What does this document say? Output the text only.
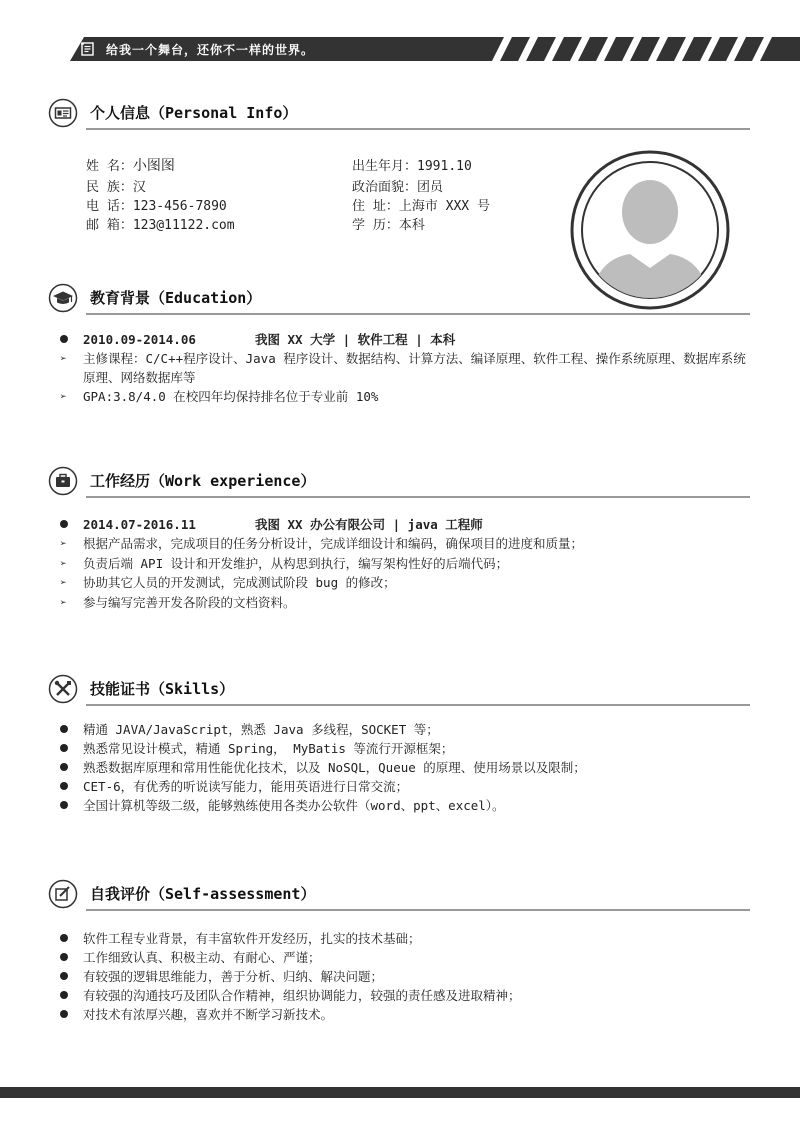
给我一个舞台，还你不一样的世界。
个人信息（Personal Info）
姓 名：小图图
民 族：汉
电 话：123-456-7890
邮 箱：123@11122.com
出生年月：1991.10
政治面貌：团员
住 址：上海市 XXX 号
学 历：本科
教育背景（Education）
2010.09-2014.06	我图 XX 大学 | 软件工程 | 本科
➢	主修课程：C/C++程序设计、Java 程序设计、数据结构、计算方法、编译原理、软件工程、操作系统原理、数据库系统原理、网络数据库等
➢	GPA:3.8/4.0 在校四年均保持排名位于专业前 10%
工作经历（Work experience）
2014.07-2016.11	我图 XX 办公有限公司 | java 工程师
➢	根据产品需求，完成项目的任务分析设计，完成详细设计和编码，确保项目的进度和质量；
➢	负责后端 API 设计和开发维护，从构思到执行，编写架构性好的后端代码；
➢	协助其它人员的开发测试，完成测试阶段 bug 的修改；
➢	参与编写完善开发各阶段的文档资料。
技能证书（Skills）
精通 JAVA/JavaScript，熟悉 Java 多线程，SOCKET 等；
熟悉常见设计模式，精通 Spring， MyBatis 等流行开源框架；
熟悉数据库原理和常用性能优化技术，以及 NoSQL，Queue 的原理、使用场景以及限制；
CET-6，有优秀的听说读写能力，能用英语进行日常交流；
全国计算机等级二级，能够熟练使用各类办公软件（word、ppt、excel）。
自我评价（Self-assessment）
软件工程专业背景，有丰富软件开发经历，扎实的技术基础；
工作细致认真、积极主动、有耐心、严谨；
有较强的逻辑思维能力，善于分析、归纳、解决问题；
有较强的沟通技巧及团队合作精神，组织协调能力，较强的责任感及进取精神；
对技术有浓厚兴趣，喜欢并不断学习新技术。
